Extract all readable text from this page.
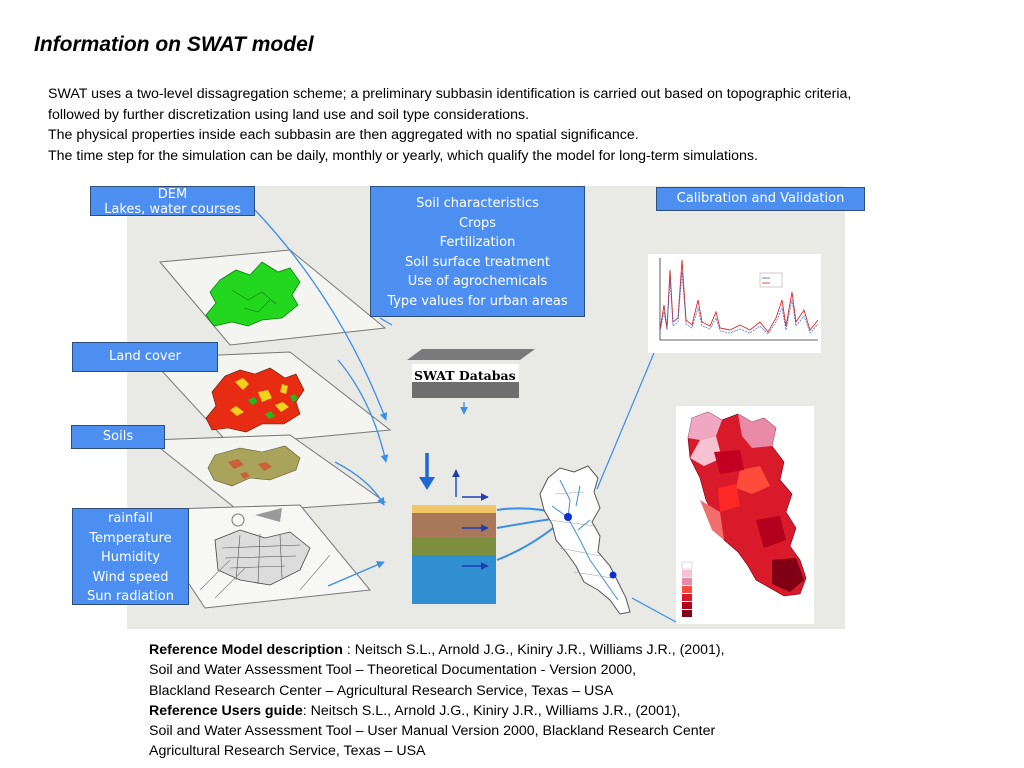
Information on SWAT model
SWAT uses a two-level dissagregation scheme; a preliminary subbasin identification is carried out based on topographic criteria,
followed by further discretization using land use and soil type considerations.
The physical properties inside each subbasin are then aggregated with no spatial significance.
The time step for the simulation can be daily, monthly or yearly, which qualify the model for long-term simulations.
SWAT Databas
DEM
Lakes, water courses	Soil characteristics
Crops
Fertilization
Soil surface treatment
Use of agrochemicals
Type values for urban areas
Calibration and Validation
Land cover
Soils
rainfall
Temperature
Humidity
Wind speed
Sun radiation
Reference Model description : Neitsch S.L., Arnold J.G., Kiniry J.R., Williams J.R., (2001),
Soil and Water Assessment Tool – Theoretical Documentation - Version 2000,
Blackland Research Center – Agricultural Research Service, Texas – USA
Reference Users guide: Neitsch S.L., Arnold J.G., Kiniry J.R., Williams J.R., (2001),
Soil and Water Assessment Tool – User Manual Version 2000, Blackland Research Center
Agricultural Research Service, Texas – USA
